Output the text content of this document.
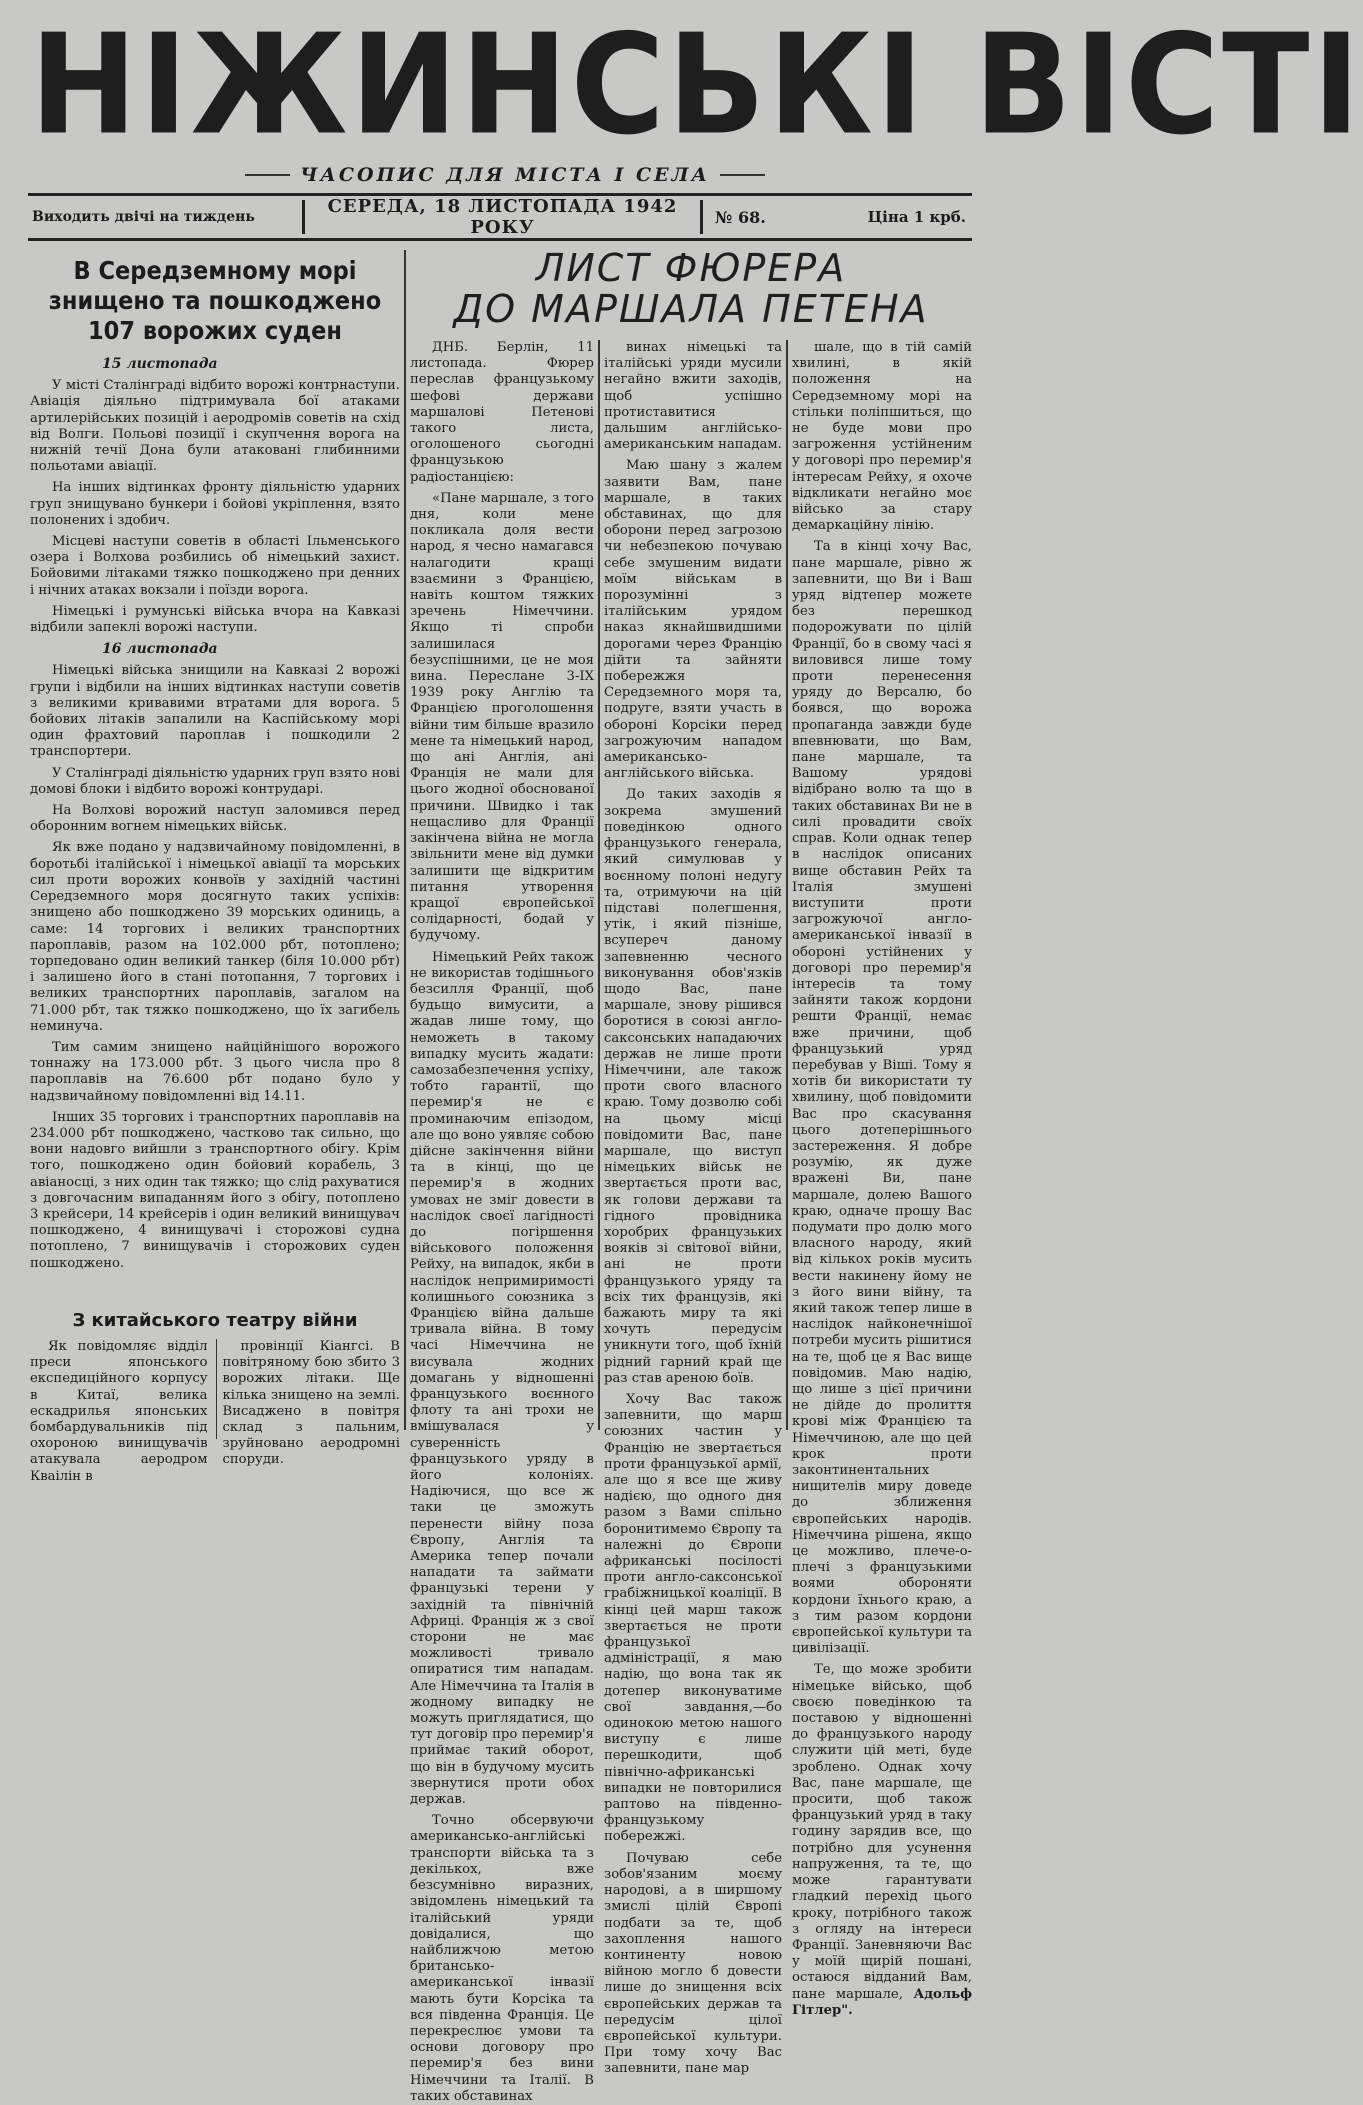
НІЖИНСЬКІ ВІСТІ
ЧАСОПИС ДЛЯ МІСТА І СЕЛА
Виходить двічі на тиждень	СЕРЕДА, 18 ЛИСТОПАДА 1942 РОКУ	№ 68.	Ціна 1 крб.
В Середземному морі знищено та пошкоджено 107 ворожих суден
15 листопада

У місті Сталінграді відбито ворожі контрнаступи. Авіація діяльно підтримувала бої атаками артилерійських позицій і аеродромів советів на схід від Волги. Польові позиції і скупчення ворога на нижній течії Дона були атаковані глибинними польотами авіації.

На інших відтинках фронту діяльністю ударних груп знищувано бункери і бойові укріплення, взято полонених і здобич.

Місцеві наступи советів в області Ільменського озера і Волхова розбились об німецький захист. Бойовими літаками тяжко пошкоджено при денних і нічних атаках вокзали і поїзди ворога.

Німецькі і румунські війська вчора на Кавказі відбили запеклі ворожі наступи.

16 листопада

Німецькі війська знищили на Кавказі 2 ворожі групи і відбили на інших відтинках наступи советів з великими кривавими втратами для ворога. 5 бойових літаків запалили на Каспійському морі один фрахтовий пароплав і пошкодили 2 транспортери.

У Сталінграді діяльністю ударних груп взято нові домові блоки і відбито ворожі контрударі.

На Волхові ворожий наступ заломився перед оборонним вогнем німецьких військ.

Як вже подано у надзвичайному повідомленні, в боротьбі італійської і німецької авіації та морських сил проти ворожих конвоїв у західній частині Середземного моря досягнуто таких успіхів: знищено або пошкоджено 39 морських одиниць, а саме: 14 торгових і великих транспортних пароплавів, разом на 102.000 рбт, потоплено; торпедовано один великий танкер (біля 10.000 рбт) і залишено його в стані потопання, 7 торгових і великих транспортних пароплавів, загалом на 71.000 рбт, так тяжко пошкоджено, що їх загибель неминуча.

Тим самим знищено найційнішого ворожого тоннажу на 173.000 рбт. З цього числа про 8 пароплавів на 76.600 рбт подано було у надзвичайному повідомленні від 14.11.

Інших 35 торгових і транспортних пароплавів на 234.000 рбт пошкоджено, частково так сильно, що вони надовго вийшли з транспортного обігу. Крім того, пошкоджено один бойовий корабель, 3 авіаносці, з них один так тяжко; що слід рахуватися з довгочасним випаданням його з обігу, потоплено 3 крейсери, 14 крейсерів і один великий винищувач пошкоджено, 4 винищувачі і сторожові судна потоплено, 7 винищувачів і сторожових суден пошкоджено.

З китайського театру війни

Як повідомляє відділ преси японського експедиційного корпусу в Китаї, велика ескадрилья японських бомбардувальників під охороною винищувачів атакувала аеродром Кваілін в

провінції Кіангсі. В повітряному бою збито 3 ворожих літаки. Ще кілька знищено на землі. Висаджено в повітря склад з пальним, зруйновано аеродромні споруди.

ЛИСТ ФЮРЕРА
ДО МАРШАЛА ПЕТЕНА

ДНБ. Берлін, 11 листопада. Фюрер переслав французькому шефові держави маршалові Петенові такого листа, оголошеного сьогодні французькою радіостанцією:

«Пане маршале, з того дня, коли мене покликала доля вести народ, я чесно намагався налагодити кращі взаємини з Францією, навіть коштом тяжких зречень Німеччини. Якщо ті спроби залишилася безуспішними, це не моя вина. Переслане 3-IX 1939 року Англію та Францією проголошення війни тим більше вразило мене та німецький народ, що ані Англія, ані Франція не мали для цього жодної обоснованої причини. Швидко і так нещасливо для Франції закінчена війна не могла звільнити мене від думки залишити ще відкритим питання утворення кращої європейської солідарності, бодай у будучому.

Німецький Рейх також не використав тодішнього безсилля Франції, щоб будьщо вимусити, а жадав лише тому, що неможеть в такому випадку мусить жадати: самозабезпечення успіху, тобто гарантії, що перемир'я не є проминаючим епізодом, але що воно уявляє собою дійсне закінчення війни та в кінці, що це перемир'я в жодних умовах не зміг довести в наслідок своєї лагідності до погіршення військового положення Рейху, на випадок, якби в наслідок непримиримості колишнього союзника з Францією війна дальше тривала війна. В тому часі Німеччина не висувала жодних домагань у відношенні французького воєнного флоту та ані трохи не вмішувалася у суверенність французького уряду в його колоніях. Надіючися, що все ж таки це зможуть перенести війну поза Європу, Англія та Америка тепер почали нападати та займати французькі терени у західній та північній Африці. Франція ж з свої сторони не має можливості тривало опиратися тим нападам. Але Німеччина та Італія в жодному випадку не можуть приглядатися, що тут договір про перемир'я приймає такий оборот, що він в будучому мусить звернутися проти обох держав.

Точно обсервуючи американсько-англійські транспорти війська та з декількох, вже безсумнівно виразних, звідомлень німецький та італійський уряди довідалися, що найближчою метою британсько-американської інвазії мають бути Корсіка та вся південна Франція. Це перекреслює умови та основи договору про перемир'я без вини Німеччини та Італії. В таких обставинах

винах німецькі та італійські уряди мусили негайно вжити заходів, щоб успішно протиставитися дальшим англійсько-американським нападам.

Маю шану з жалем заявити Вам, пане маршале, в таких обставинах, що для оборони перед загрозою чи небезпекою почуваю себе змушеним видати моїм військам в порозумінні з італійським урядом наказ якнайшвидшими дорогами через Францію дійти та зайняти побережжя Середземного моря та, подруге, взяти участь в обороні Корсіки перед загрожуючим нападом американсько-англійського війська.

До таких заходів я зокрема змушений поведінкою одного французького генерала, який симулював у воєнному полоні недугу та, отримуючи на цій підставі полегшення, утік, і який пізніше, всупереч даному запевненню чесного виконування обов'язків щодо Вас, пане маршале, знову рішився боротися в союзі англо-саксонських нападаючих держав не лише проти Німеччини, але також проти свого власного краю. Тому дозволю собі на цьому місці повідомити Вас, пане маршале, що виступ німецьких військ не звертається проти вас, як голови держави та гідного провідника хоробрих французьких вояків зі світової війни, ані не проти французького уряду та всіх тих французів, які бажають миру та які хочуть передусім уникнути того, щоб їхній рідний гарний край ще раз став ареною боїв.

Хочу Вас також запевнити, що марш союзних частин у Францію не звертається проти французької армії, але що я все ще живу надією, що одного дня разом з Вами спільно боронитимемо Європу та належні до Європи африканські посілості проти англо-саксонської грабіжницької коаліції. В кінці цей марш також звертається не проти французької адміністрації, я маю надію, що вона так як дотепер виконуватиме свої завдання,—бо одинокою метою нашого виступу є лише перешкодити, щоб північно-африканські випадки не повторилися раптово на південно-французькому побережжі.

Почуваю себе зобов'язаним моєму народові, а в ширшому змислі цілій Європі подбати за те, щоб захоплення нашого континенту новою війною могло б довести лише до знищення всіх європейських держав та передусім цілої європейської культури. При тому хочу Вас запевнити, пане мар

шале, що в тій самій хвилині, в якій положення на Середземному морі на стільки поліпшиться, що не буде мови про загроження устійненим у договорі про перемир'я інтересам Рейху, я охоче відкликати негайно моє військо за стару демаркаційну лінію.

Та в кінці хочу Вас, пане маршале, рівно ж запевнити, що Ви і Ваш уряд відтепер можете без перешкод подорожувати по цілій Франції, бо в свому часі я виловився лише тому проти перенесення уряду до Версалю, бо боявся, що ворожа пропаганда завжди буде впевнювати, що Вам, пане маршале, та Вашому урядові відібрано волю та що в таких обставинах Ви не в силі провадити своїх справ. Коли однак тепер в наслідок описаних вище обставин Рейх та Італія змушені виступити проти загрожуючої англо-американської інвазії в обороні устійнених у договорі про перемир'я інтересів та тому зайняти також кордони решти Франції, немає вже причини, щоб французький уряд перебував у Віші. Тому я хотів би використати ту хвилину, щоб повідомити Вас про скасування цього дотеперішнього застереження. Я добре розумію, як дуже вражені Ви, пане маршале, долею Вашого краю, одначе прошу Вас подумати про долю мого власного народу, який від кількох років мусить вести накинену йому не з його вини війну, та який також тепер лише в наслідок найконечнішої потреби мусить рішитися на те, щоб це я Вас вище повідомив. Маю надію, що лише з цієї причини не дійде до пролиття крові між Францією та Німеччиною, але що цей крок проти законтинентальних нищителів миру доведе до зближення європейських народів. Німеччина рішена, якщо це можливо, плече-о-плечі з французькими воями обороняти кордони їхнього краю, а з тим разом кордони європейської культури та цивілізації.

Те, що може зробити німецьке військо, щоб своєю поведінкою та поставою у відношенні до французького народу служити цій меті, буде зроблено. Однак хочу Вас, пане маршале, ще просити, щоб також французький уряд в таку годину зарядив все, що потрібно для усунення напруження, та те, що може гарантувати гладкий перехід цього кроку, потрібного також з огляду на інтереси Франції. Заневняючи Вас у моїй щирій пошані, остаюся відданий Вам, пане маршале, Адольф Гітлер".
